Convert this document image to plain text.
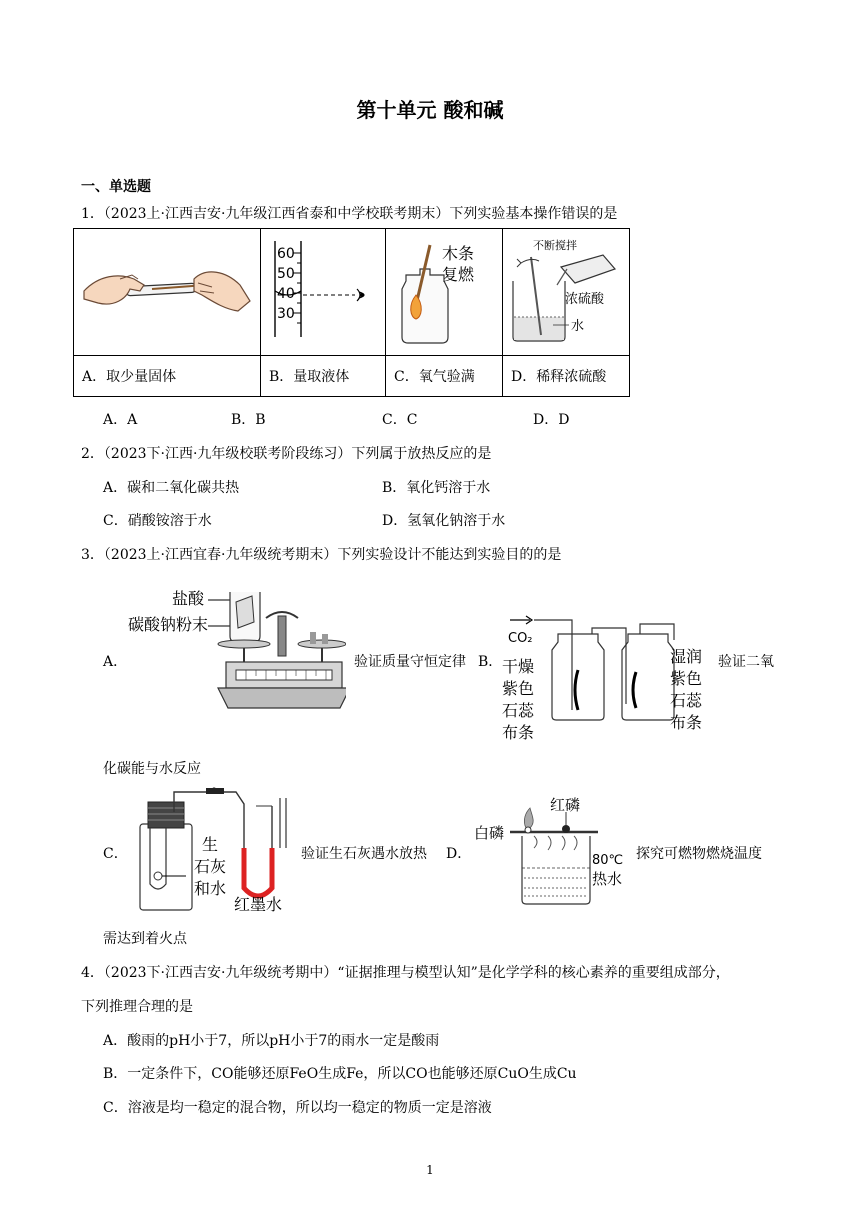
第十单元 酸和碱
一、单选题
1．（2023上·江西吉安·九年级江西省泰和中学校联考期末）下列实验基本操作错误的是

60
50
40
30	木条
复燃	不断搅拌
浓硫酸
水

A．取少量固体	B．量取液体	C．氧气验满	D．稀释浓硫酸
A．A	B．B	C．C	D．D
2．（2023下·江西·九年级校联考阶段练习）下列属于放热反应的是
A．碳和二氧化碳共热	B．氧化钙溶于水
C．硝酸铵溶于水	D．氢氧化钠溶于水
3．（2023上·江西宜春·九年级统考期末）下列实验设计不能达到实验目的的是
A．
盐酸
碳酸钠粉末
验证质量守恒定律 B．
CO₂
干燥
紫色
石蕊
布条
湿润
紫色
石蕊
布条
验证二氧
化碳能与水反应
C．	生
石灰
和水
红墨水
验证生石灰遇水放热 D．
红磷
白磷
80℃
热水
探究可燃物燃烧温度
需达到着火点
4．（2023下·江西吉安·九年级统考期中）“证据推理与模型认知”是化学学科的核心素养的重要组成部分，
下列推理合理的是
A．酸雨的pH小于7，所以pH小于7的雨水一定是酸雨
B．一定条件下，CO能够还原FeO生成Fe，所以CO也能够还原CuO生成Cu
C．溶液是均一稳定的混合物，所以均一稳定的物质一定是溶液
1
